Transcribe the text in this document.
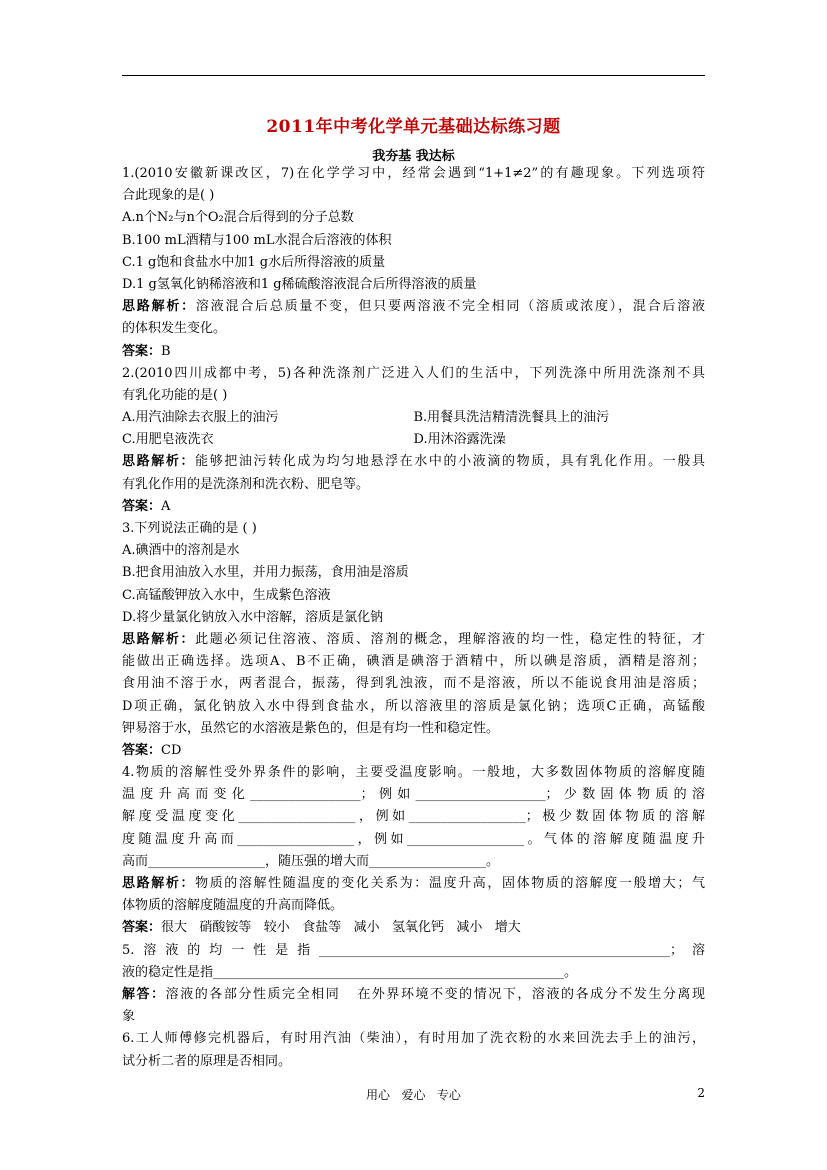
2011年中考化学单元基础达标练习题
我夯基 我达标
1.(2010安徽新课改区，7)在化学学习中，经常会遇到“1+1≠2”的有趣现象。下列选项符
合此现象的是( )
A.n个N₂与n个O₂混合后得到的分子总数
B.100 mL酒精与100 mL水混合后溶液的体积
C.1 g饱和食盐水中加1 g水后所得溶液的质量
D.1 g氢氧化钠稀溶液和1 g稀硫酸溶液混合后所得溶液的质量
思路解析：溶液混合后总质量不变，但只要两溶液不完全相同（溶质或浓度），混合后溶液
的体积发生变化。
答案：B
2.(2010四川成都中考，5)各种洗涤剂广泛进入人们的生活中，下列洗涤中所用洗涤剂不具
有乳化功能的是( )
A.用汽油除去衣服上的油污	B.用餐具洗洁精清洗餐具上的油污
C.用肥皂液洗衣	D.用沐浴露洗澡
思路解析：能够把油污转化成为均匀地悬浮在水中的小液滴的物质，具有乳化作用。一般具
有乳化作用的是洗涤剂和洗衣粉、肥皂等。
答案：A
3.下列说法正确的是 ( )
A.碘酒中的溶剂是水
B.把食用油放入水里，并用力振荡，食用油是溶质
C.高锰酸钾放入水中，生成紫色溶液
D.将少量氯化钠放入水中溶解，溶质是氯化钠
思路解析：此题必须记住溶液、溶质、溶剂的概念，理解溶液的均一性，稳定性的特征，才
能做出正确选择。选项A、B不正确，碘酒是碘溶于酒精中，所以碘是溶质，酒精是溶剂；
食用油不溶于水，两者混合，振荡，得到乳浊液，而不是溶液，所以不能说食用油是溶质；
D项正确，氯化钠放入水中得到食盐水，所以溶液里的溶质是氯化钠；选项C正确，高锰酸
钾易溶于水，虽然它的水溶液是紫色的，但是有均一性和稳定性。
答案：CD
4.物质的溶解性受外界条件的影响，主要受温度影响。一般地，大多数固体物质的溶解度随
温度升高而变化_________________；例如____________________；少数固体物质的溶
解度受温度变化__________________，例如__________________；极少数固体物质的溶解
度随温度升高而__________________，例如__________________。气体的溶解度随温度升
高而__________________，随压强的增大而__________________。
思路解析：物质的溶解性随温度的变化关系为：温度升高，固体物质的溶解度一般增大；气
体物质的溶解度随温度的升高而降低。
答案：很大   硝酸铵等   较小   食盐等   减小   氢氧化钙   减小   增大
5.溶液的均一性是指______________________________________________________；溶
液的稳定性是指______________________________________________________。
解答：溶液的各部分性质完全相同   在外界环境不变的情况下，溶液的各成分不发生分离现
象
6.工人师傅修完机器后，有时用汽油（柴油），有时用加了洗衣粉的水来回洗去手上的油污，
试分析二者的原理是否相同。
用心   爱心   专心	2
